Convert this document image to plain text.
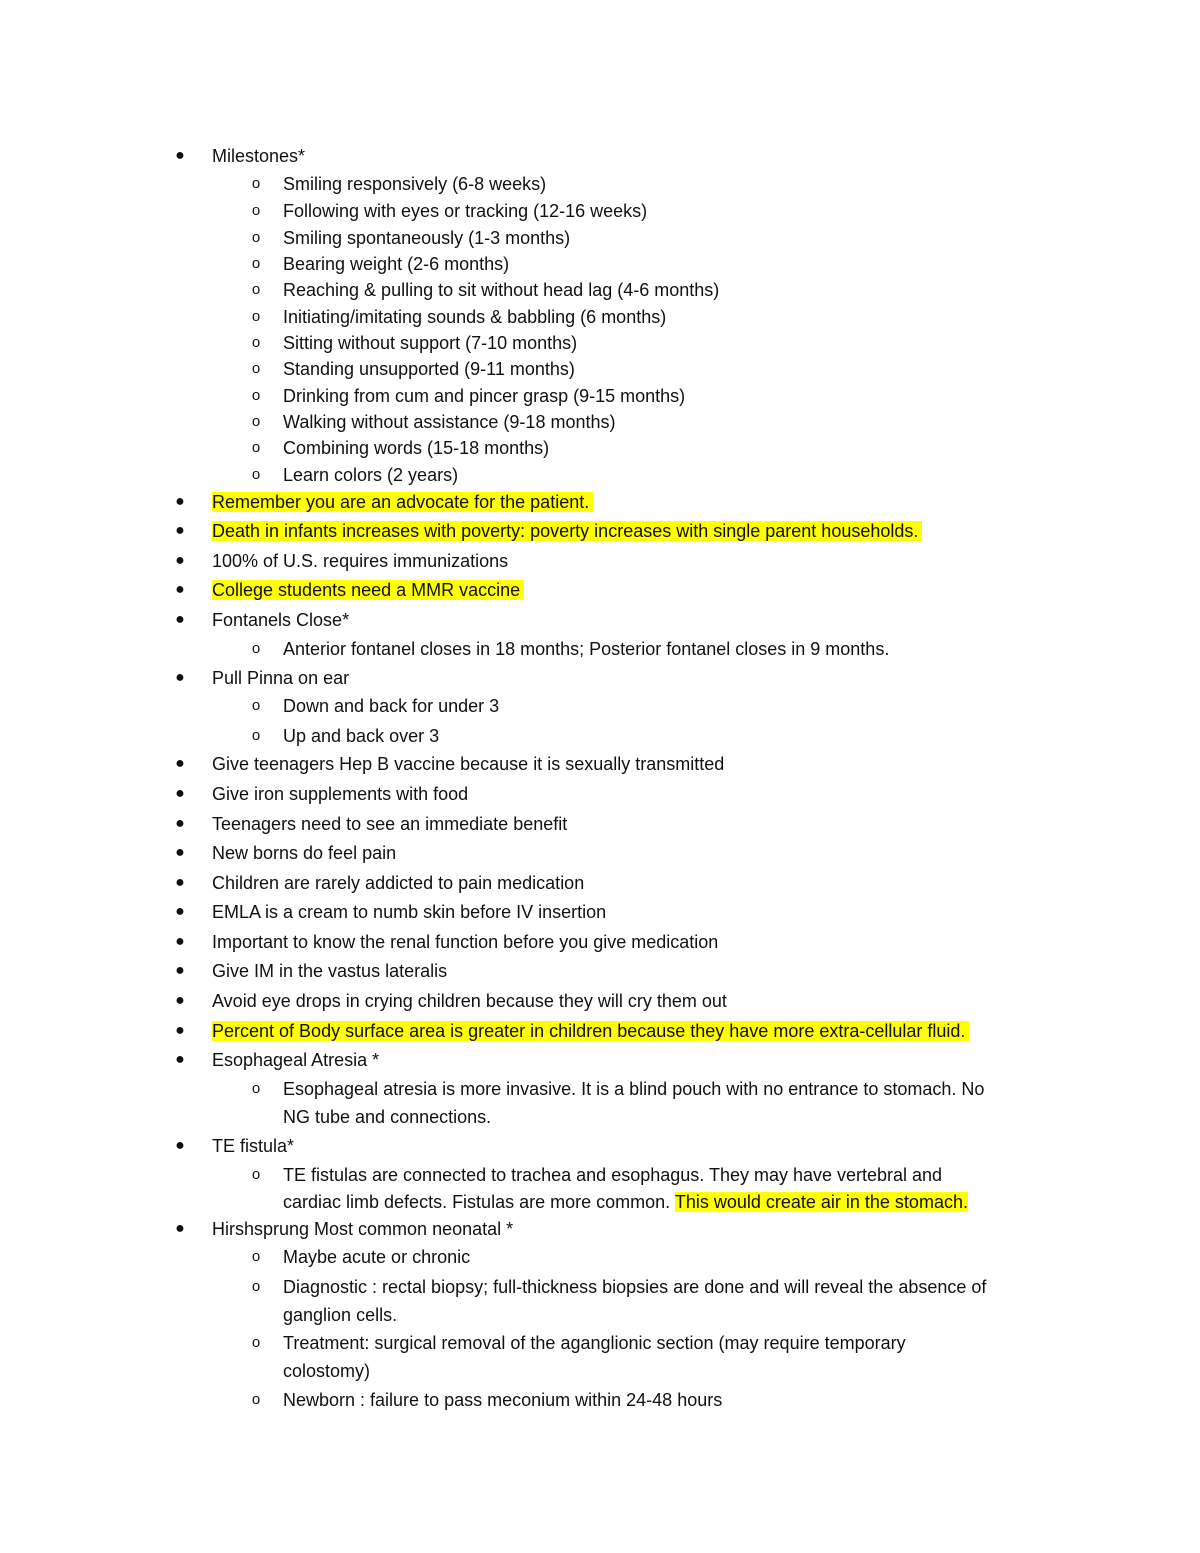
● Milestones*
o	Smiling responsively (6-8 weeks)
o	Following with eyes or tracking (12-16 weeks)
o	Smiling spontaneously (1-3 months)
o	Bearing weight (2-6 months)
o	Reaching & pulling to sit without head lag (4-6 months)
o	Initiating/imitating sounds & babbling (6 months)
o	Sitting without support (7-10 months)
o	Standing unsupported (9-11 months)
o	Drinking from cum and pincer grasp (9-15 months)
o	Walking without assistance (9-18 months)
o	Combining words (15-18 months)
o	Learn colors (2 years)
● Remember you are an advocate for the patient.
● Death in infants increases with poverty: poverty increases with single parent households.
● 100% of U.S. requires immunizations
● College students need a MMR vaccine
● Fontanels Close*
o	Anterior fontanel closes in 18 months; Posterior fontanel closes in 9 months.
● Pull Pinna on ear
o	Down and back for under 3
o	Up and back over 3
● Give teenagers Hep B vaccine because it is sexually transmitted
● Give iron supplements with food
● Teenagers need to see an immediate benefit
● New borns do feel pain
● Children are rarely addicted to pain medication
● EMLA is a cream to numb skin before IV insertion
● Important to know the renal function before you give medication
● Give IM in the vastus lateralis
● Avoid eye drops in crying children because they will cry them out
● Percent of Body surface area is greater in children because they have more extra-cellular fluid.
● Esophageal Atresia *
o	Esophageal atresia is more invasive. It is a blind pouch with no entrance to stomach. No
NG tube and connections.
● TE fistula*
o	TE fistulas are connected to trachea and esophagus. They may have vertebral and
cardiac limb defects. Fistulas are more common. This would create air in the stomach.
● Hirshsprung Most common neonatal *
o	Maybe acute or chronic
o	Diagnostic : rectal biopsy; full-thickness biopsies are done and will reveal the absence of
ganglion cells.
o	Treatment: surgical removal of the aganglionic section (may require temporary
colostomy)
o	Newborn : failure to pass meconium within 24-48 hours
